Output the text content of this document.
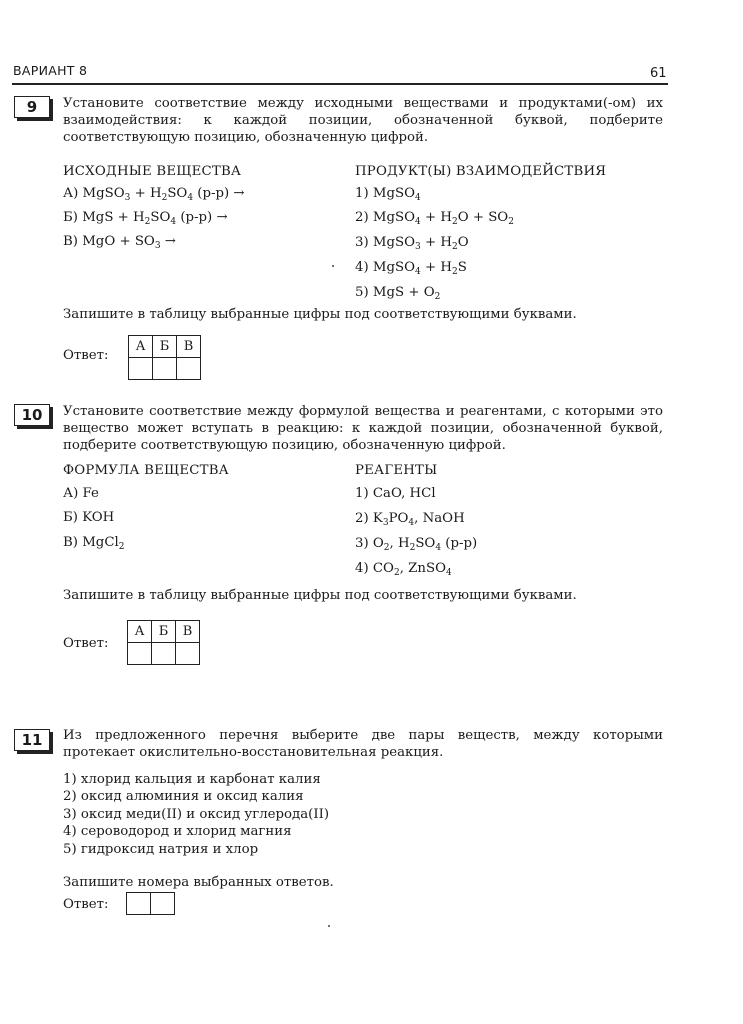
ВАРИАНТ 8	61
9	Установите соответствие между исходными веществами и продуктами(-ом) их взаимодействия: к каждой позиции, обозначенной буквой, подберите соответствующую позицию, обозначенную цифрой.
ИСХОДНЫЕ ВЕЩЕСТВА	ПРОДУКТ(Ы) ВЗАИМОДЕЙСТВИЯ
А) MgSO$_3$ + $H_2SO_4$ (р-р) →
Б) MgS + $H_2SO_4$ (р-р) →
В) MgO + $SO_3$ →
1) MgSO$_4$
2) MgSO$_4$ + $H_2O + SO_2$
3) MgSO$_3$ + $H_2O$
4) MgSO$_4$ + $H_2S$
5) MgS + $O_2$
Запишите в таблицу выбранные цифры под соответствующими буквами.
Ответ:
А	Б	В

10	Установите соответствие между формулой вещества и реагентами, с которыми это вещество может вступать в реакцию: к каждой позиции, обозначенной буквой, подберите соответствующую позицию, обозначенную цифрой.
ФОРМУЛА ВЕЩЕСТВА	РЕАГЕНТЫ
А) Fe
Б) KOH
В) MgCl$_2$
1) CaO, HCl
2) $K_3PO_4$, NaOH
3) $O_2$, $H_2SO_4$ (р-р)
4) $CO_2$, ZnSO$_4$
Запишите в таблицу выбранные цифры под соответствующими буквами.
Ответ:
А	Б	В

11	Из предложенного перечня выберите две пары веществ, между которыми протекает окислительно-восстановительная реакция.
1) хлорид кальция и карбонат калия
2) оксид алюминия и оксид калия
3) оксид меди(II) и оксид углерода(II)
4) сероводород и хлорид магния
5) гидроксид натрия и хлор
Запишите номера выбранных ответов.
Ответ:
